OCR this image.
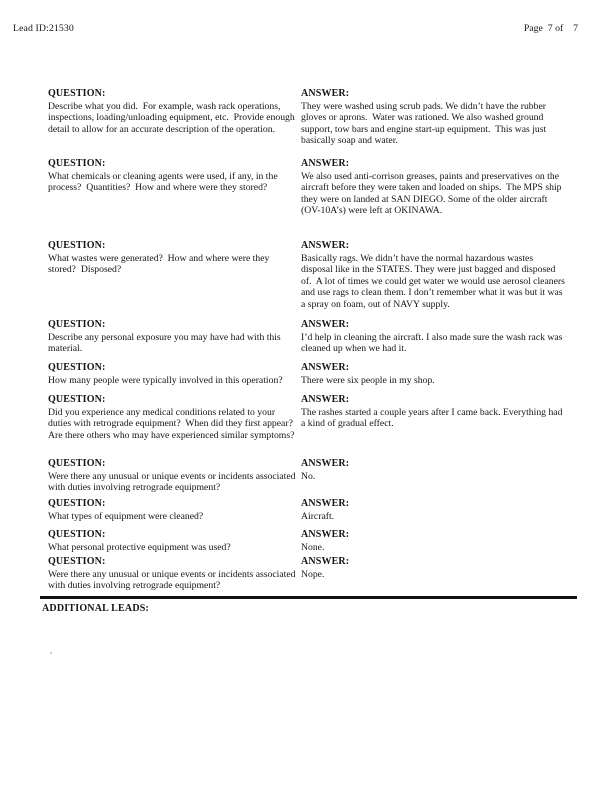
Lead ID:21530	Page  7 of    7
QUESTION:
Describe what you did.  For example, wash rack operations, inspections, loading/unloading equipment, etc.  Provide enough detail to allow for an accurate description of the operation.
ANSWER:
They were washed using scrub pads. We didn’t have the rubber gloves or aprons.  Water was rationed. We also washed ground support, tow bars and engine start-up equipment.  This was just basically soap and water.
QUESTION:
What chemicals or cleaning agents were used, if any, in the process?  Quantities?  How and where were they stored?
ANSWER:
We also used anti-corrison greases, paints and preservatives on the aircraft before they were taken and loaded on ships.  The MPS ship they were on landed at SAN DIEGO. Some of the older aircraft (OV-10A’s) were left at OKINAWA.
QUESTION:
What wastes were generated?  How and where were they stored?  Disposed?
ANSWER:
Basically rags. We didn’t have the normal hazardous wastes disposal like in the STATES. They were just bagged and disposed of.  A lot of times we could get water we would use aerosol cleaners and use rags to clean them. I don’t remember what it was but it was a spray on foam, out of NAVY supply.
QUESTION:
Describe any personal exposure you may have had with this material.
ANSWER:
I’d help in cleaning the aircraft. I also made sure the wash rack was cleaned up when we had it.
QUESTION:
How many people were typically involved in this operation?
ANSWER:
There were six people in my shop.
QUESTION:
Did you experience any medical conditions related to your duties with retrograde equipment?  When did they first appear?  Are there others who may have experienced similar symptoms?
ANSWER:
The rashes started a couple years after I came back. Everything had a kind of gradual effect.
QUESTION:
Were there any unusual or unique events or incidents associated with duties involving retrograde equipment?
ANSWER:
No.
QUESTION:
What types of equipment were cleaned?
ANSWER:
Aircraft.
QUESTION:
What personal protective equipment was used?
ANSWER:
None.
QUESTION:
Were there any unusual or unique events or incidents associated with duties involving retrograde equipment?
ANSWER:
Nope.
ADDITIONAL LEADS:
